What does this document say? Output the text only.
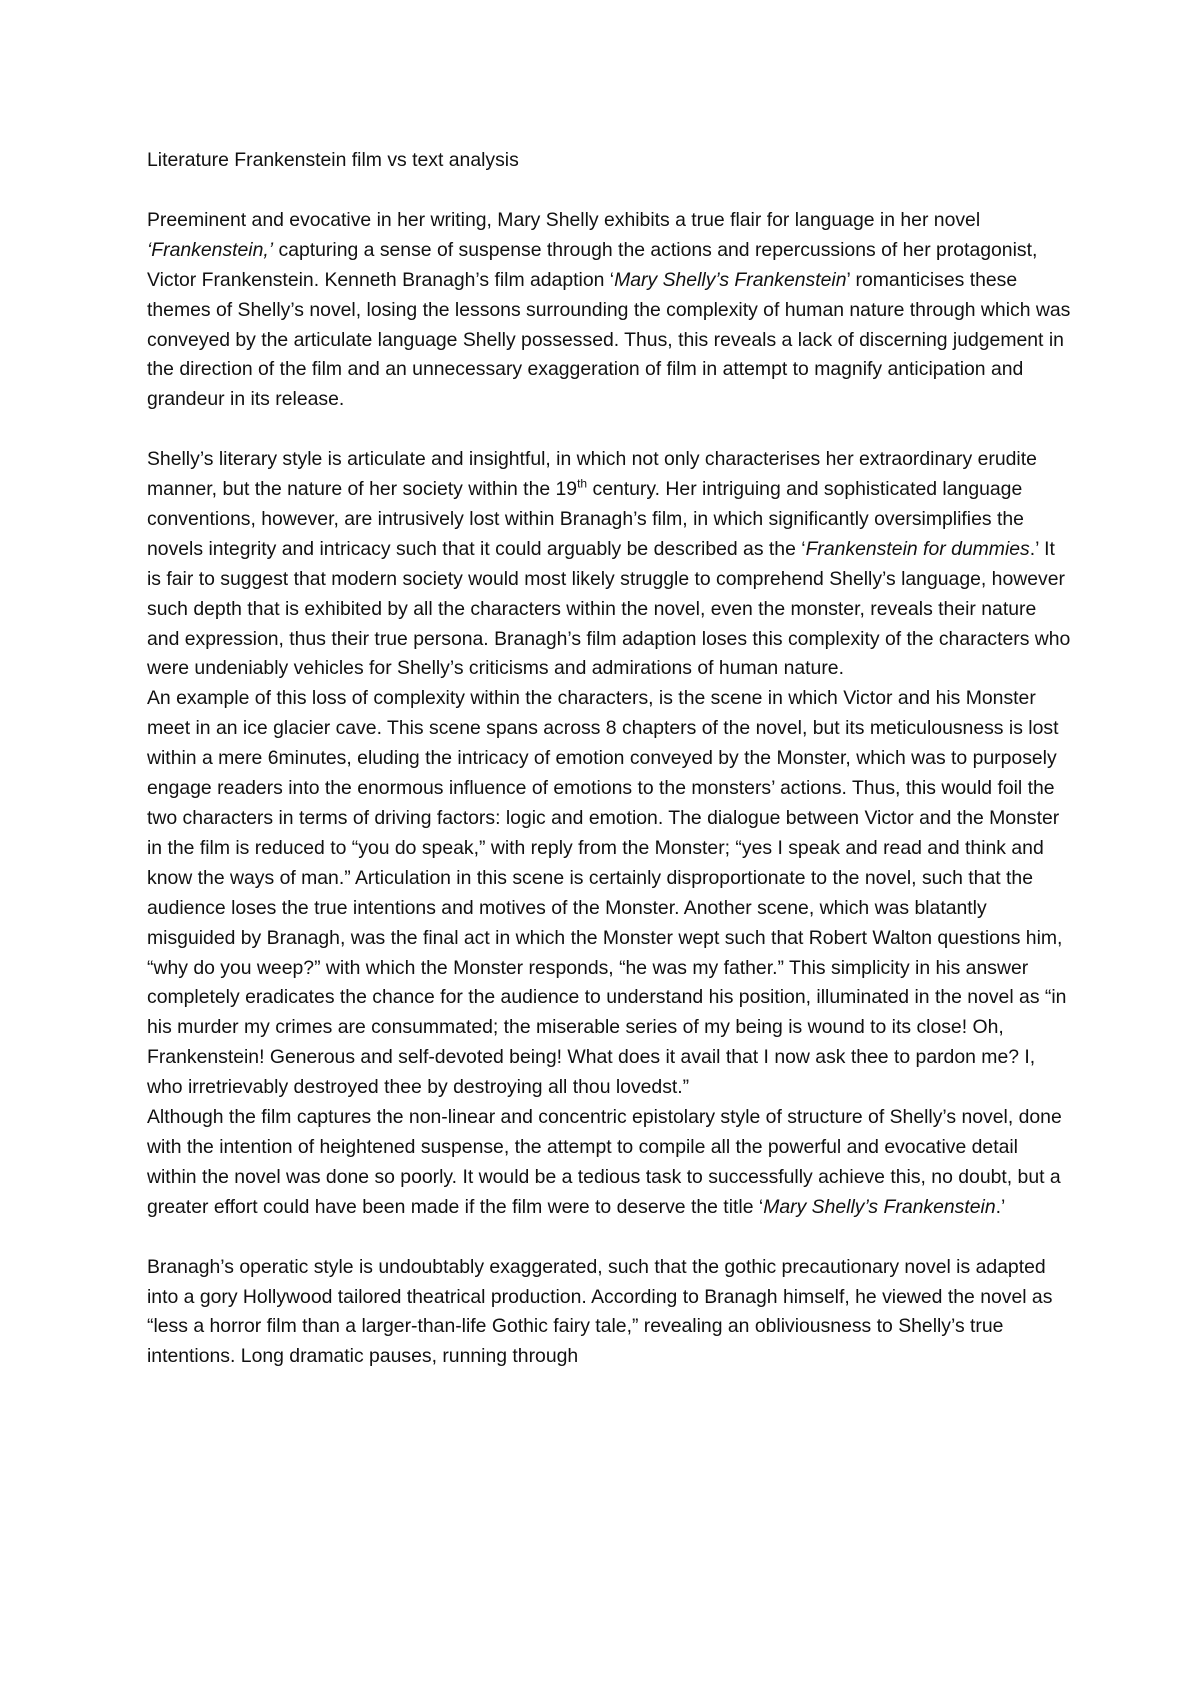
Literature Frankenstein film vs text analysis

Preeminent and evocative in her writing, Mary Shelly exhibits a true flair for language in her novel ‘Frankenstein,’ capturing a sense of suspense through the actions and repercussions of her protagonist, Victor Frankenstein. Kenneth Branagh’s film adaption ‘Mary Shelly’s Frankenstein’ romanticises these themes of Shelly’s novel, losing the lessons surrounding the complexity of human nature through which was conveyed by the articulate language Shelly possessed. Thus, this reveals a lack of discerning judgement in the direction of the film and an unnecessary exaggeration of film in attempt to magnify anticipation and grandeur in its release.

Shelly’s literary style is articulate and insightful, in which not only characterises her extraordinary erudite manner, but the nature of her society within the 19th century. Her intriguing and sophisticated language conventions, however, are intrusively lost within Branagh’s film, in which significantly oversimplifies the novels integrity and intricacy such that it could arguably be described as the ‘Frankenstein for dummies.’ It is fair to suggest that modern society would most likely struggle to comprehend Shelly’s language, however such depth that is exhibited by all the characters within the novel, even the monster, reveals their nature and expression, thus their true persona. Branagh’s film adaption loses this complexity of the characters who were undeniably vehicles for Shelly’s criticisms and admirations of human nature.

An example of this loss of complexity within the characters, is the scene in which Victor and his Monster meet in an ice glacier cave. This scene spans across 8 chapters of the novel, but its meticulousness is lost within a mere 6minutes, eluding the intricacy of emotion conveyed by the Monster, which was to purposely engage readers into the enormous influence of emotions to the monsters’ actions. Thus, this would foil the two characters in terms of driving factors: logic and emotion. The dialogue between Victor and the Monster in the film is reduced to “you do speak,” with reply from the Monster; “yes I speak and read and think and know the ways of man.” Articulation in this scene is certainly disproportionate to the novel, such that the audience loses the true intentions and motives of the Monster. Another scene, which was blatantly misguided by Branagh, was the final act in which the Monster wept such that Robert Walton questions him, “why do you weep?” with which the Monster responds, “he was my father.” This simplicity in his answer completely eradicates the chance for the audience to understand his position, illuminated in the novel as “in his murder my crimes are consummated; the miserable series of my being is wound to its close! Oh, Frankenstein! Generous and self-devoted being! What does it avail that I now ask thee to pardon me? I, who irretrievably destroyed thee by destroying all thou lovedst.”

Although the film captures the non-linear and concentric epistolary style of structure of Shelly’s novel, done with the intention of heightened suspense, the attempt to compile all the powerful and evocative detail within the novel was done so poorly. It would be a tedious task to successfully achieve this, no doubt, but a greater effort could have been made if the film were to deserve the title ‘Mary Shelly’s Frankenstein.’

Branagh’s operatic style is undoubtably exaggerated, such that the gothic precautionary novel is adapted into a gory Hollywood tailored theatrical production. According to Branagh himself, he viewed the novel as “less a horror film than a larger-than-life Gothic fairy tale,” revealing an obliviousness to Shelly’s true intentions. Long dramatic pauses, running through
